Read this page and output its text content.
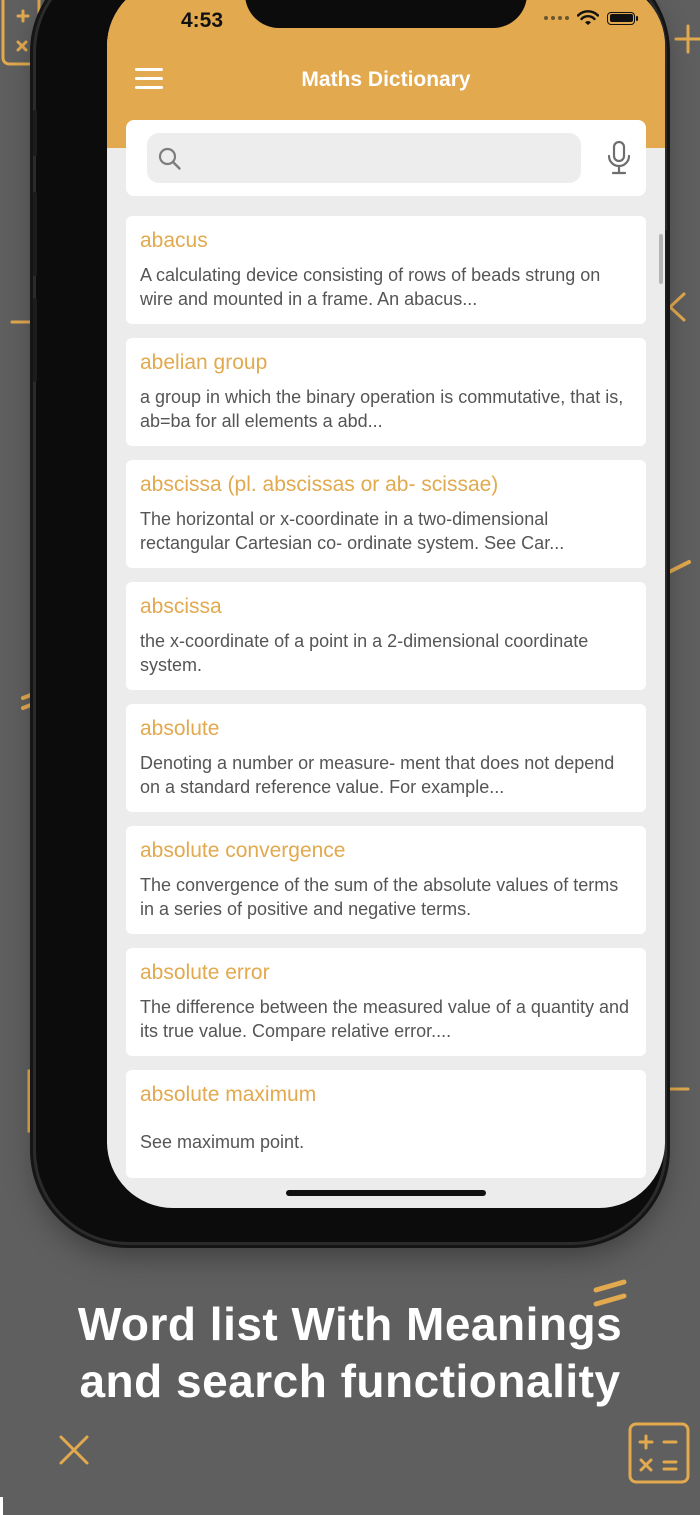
4:53
Maths Dictionary
abacus
A calculating device consisting of rows of beads strung on wire and mounted in a frame. An abacus...
abelian group
a group in which the binary operation is commutative, that is, ab=ba for all elements a abd...
abscissa (pl. abscissas or ab- scissae)
The horizontal or x-coordinate in a two-dimensional rectangular Cartesian co- ordinate system. See Car...
abscissa
the x-coordinate of a point in a 2-dimensional coordinate system.
absolute
Denoting a number or measure- ment that does not depend on a standard reference value. For example...
absolute convergence
The convergence of the sum of the absolute values of terms in a series of positive and negative terms.
absolute error
The difference between the measured value of a quantity and its true value. Compare relative error....
absolute maximum
See maximum point.
Word list With Meanings
and search functionality
